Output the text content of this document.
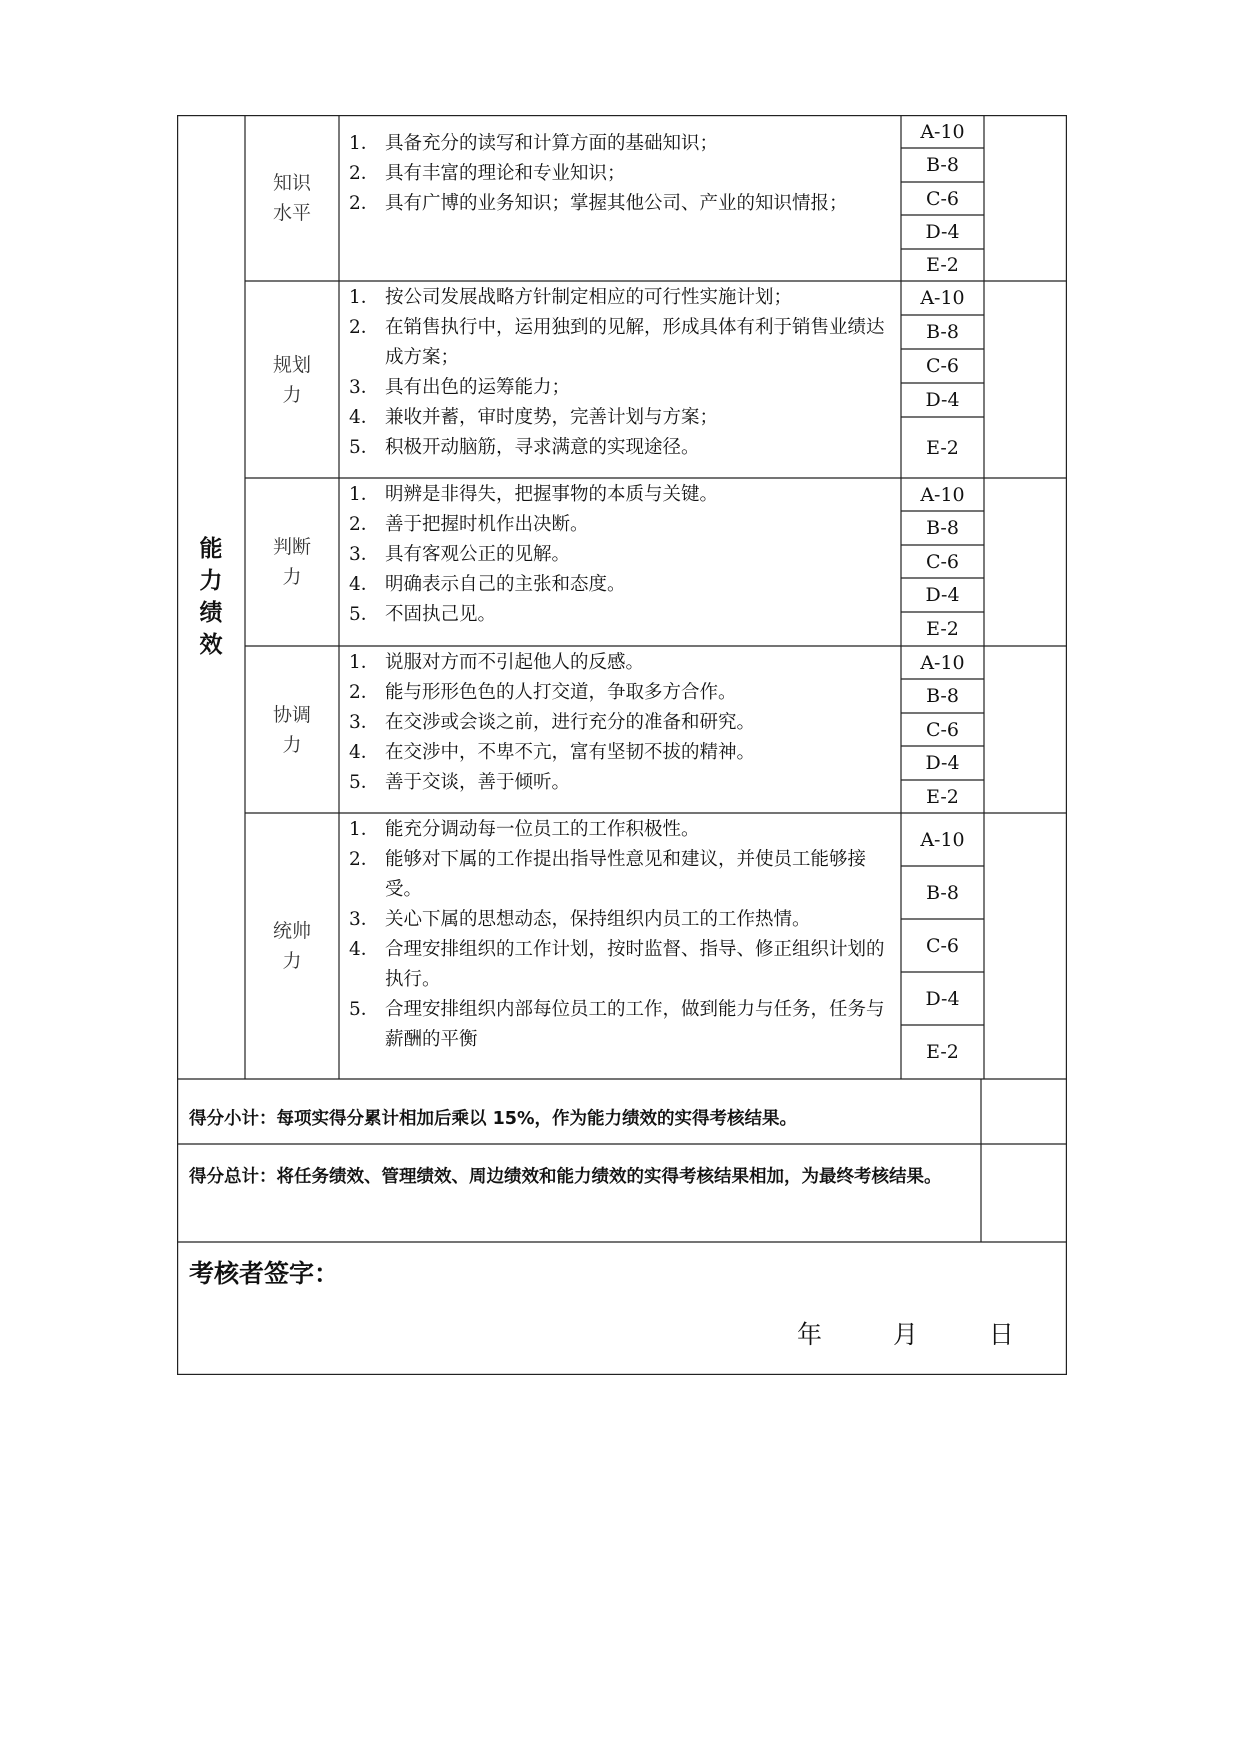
能力绩效
知识水平
1． 具备充分的读写和计算方面的基础知识；
2． 具有丰富的理论和专业知识；
2． 具有广博的业务知识；掌握其他公司、产业的知识情报；
A-10
B-8
C-6
D-4
E-2
规划力
1． 按公司发展战略方针制定相应的可行性实施计划；
2． 在销售执行中，运用独到的见解，形成具体有利于销售业绩达成方案；
3． 具有出色的运筹能力；
4． 兼收并蓄，审时度势，完善计划与方案；
5． 积极开动脑筋，寻求满意的实现途径。
A-10
B-8
C-6
D-4
E-2
判断力
1． 明辨是非得失，把握事物的本质与关键。
2． 善于把握时机作出决断。
3． 具有客观公正的见解。
4． 明确表示自己的主张和态度。
5． 不固执己见。
A-10
B-8
C-6
D-4
E-2
协调力
1． 说服对方而不引起他人的反感。
2． 能与形形色色的人打交道，争取多方合作。
3． 在交涉或会谈之前，进行充分的准备和研究。
4． 在交涉中，不卑不亢，富有坚韧不拔的精神。
5． 善于交谈，善于倾听。
A-10
B-8
C-6
D-4
E-2
统帅力
1． 能充分调动每一位员工的工作积极性。
2． 能够对下属的工作提出指导性意见和建议，并使员工能够接受。
3． 关心下属的思想动态，保持组织内员工的工作热情。
4． 合理安排组织的工作计划，按时监督、指导、修正组织计划的执行。
5． 合理安排组织内部每位员工的工作，做到能力与任务，任务与薪酬的平衡
A-10
B-8
C-6
D-4
E-2
得分小计：每项实得分累计相加后乘以 15%，作为能力绩效的实得考核结果。
得分总计： 将任务绩效、管理绩效、周边绩效和能力绩效的实得考核结果相加，为最终考核结果。
考核者签字：
年	月	日
